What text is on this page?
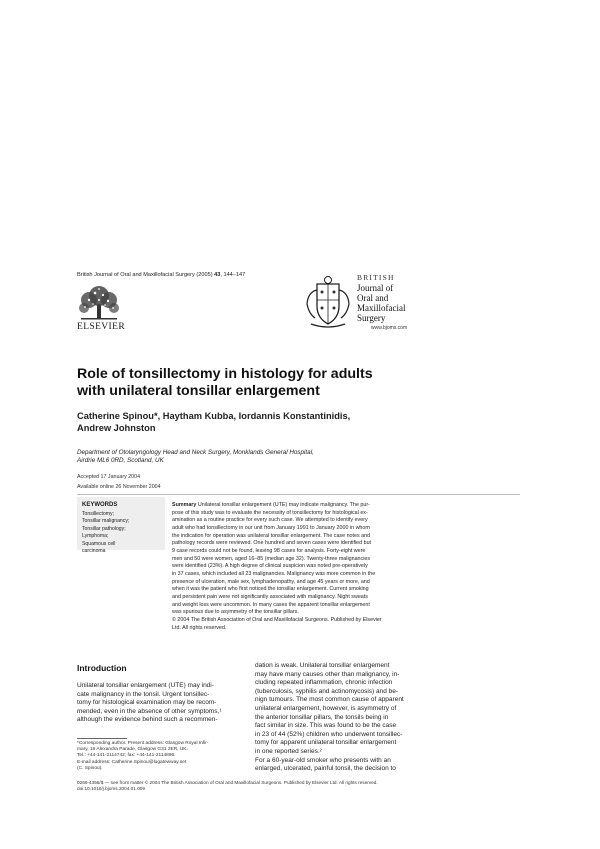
British Journal of Oral and Maxillofacial Surgery (2005) 43, 144–147
ELSEVIER
BRITISH
Journal of
Oral and
Maxillofacial
Surgery
www.bjoms.com
Role of tonsillectomy in histology for adults
with unilateral tonsillar enlargement
Catherine Spinou*, Haytham Kubba, Iordannis Konstantinidis,
Andrew Johnston
Department of Otolaryngology Head and Neck Surgery, Monklands General Hospital,
Airdrie ML6 0RD, Scotland, UK
Accepted 17 January 2004
Available online 26 November 2004
KEYWORDS
Tonsillectomy;
Tonsillar malignancy;
Tonsillar pathology;
Lymphoma;
Squamous cell
carcinoma
Summary Unilateral tonsillar enlargement (UTE) may indicate malignancy. The pur-
pose of this study was to evaluate the necessity of tonsillectomy for histological ex-
amination as a routine practice for every such case. We attempted to identify every
adult who had tonsillectomy in our unit from January 1991 to January 2000 in whom
the indication for operation was unilateral tonsillar enlargement. The case notes and
pathology records were reviewed. One hundred and seven cases were identified but
9 case records could not be found, leaving 98 cases for analysis. Forty-eight were
men and 50 were women, aged 16–85 (median age 32). Twenty-three malignancies
were identified (23%). A high degree of clinical suspicion was noted pre-operatively
in 37 cases, which included all 23 malignancies. Malignancy was more common in the
presence of ulceration, male sex, lymphadenopathy, and age 45 years or more, and
when it was the patient who first noticed the tonsillar enlargement. Current smoking
and persistent pain were not significantly associated with malignancy. Night sweats
and weight loss were uncommon. In many cases the apparent tonsillar enlargement
was spurious due to asymmetry of the tonsillar pillars.
© 2004 The British Association of Oral and Maxillofacial Surgeons. Published by Elsevier
Ltd. All rights reserved.
Introduction
Unilateral tonsillar enlargement (UTE) may indi-
cate malignancy in the tonsil. Urgent tonsillec-
tomy for histological examination may be recom-
mended, even in the absence of other symptoms,¹
although the evidence behind such a recommen-
dation is weak. Unilateral tonsillar enlargement
may have many causes other than malignancy, in-
cluding repeated inflammation, chronic infection
(tuberculosis, syphilis and actinomycosis) and be-
nign tumours. The most common cause of apparent
unilateral enlargement, however, is asymmetry of
the anterior tonsillar pillars, the tonsils being in
fact similar in size. This was found to be the case
in 23 of 44 (52%) children who underwent tonsillec-
tomy for apparent unilateral tonsillar enlargement
in one reported series.²
For a 60-year-old smoker who presents with an
enlarged, ulcerated, painful tonsil, the decision to
*Corresponding author. Present address: Glasgow Royal Infir-
mary, 16 Alexandra Parade, Glasgow G31 2ER, UK.
Tel.: +44-141-2114742; fax: +44-141-2114896.
E-mail address: Catherine.Spinou@lugatewway.net
(C. Spinou).
0266-4356/$ — see front matter © 2004 The British Association of Oral and Maxillofacial Surgeons. Published by Elsevier Ltd. All rights reserved.
doi:10.1016/j.bjoms.2004.01.009
